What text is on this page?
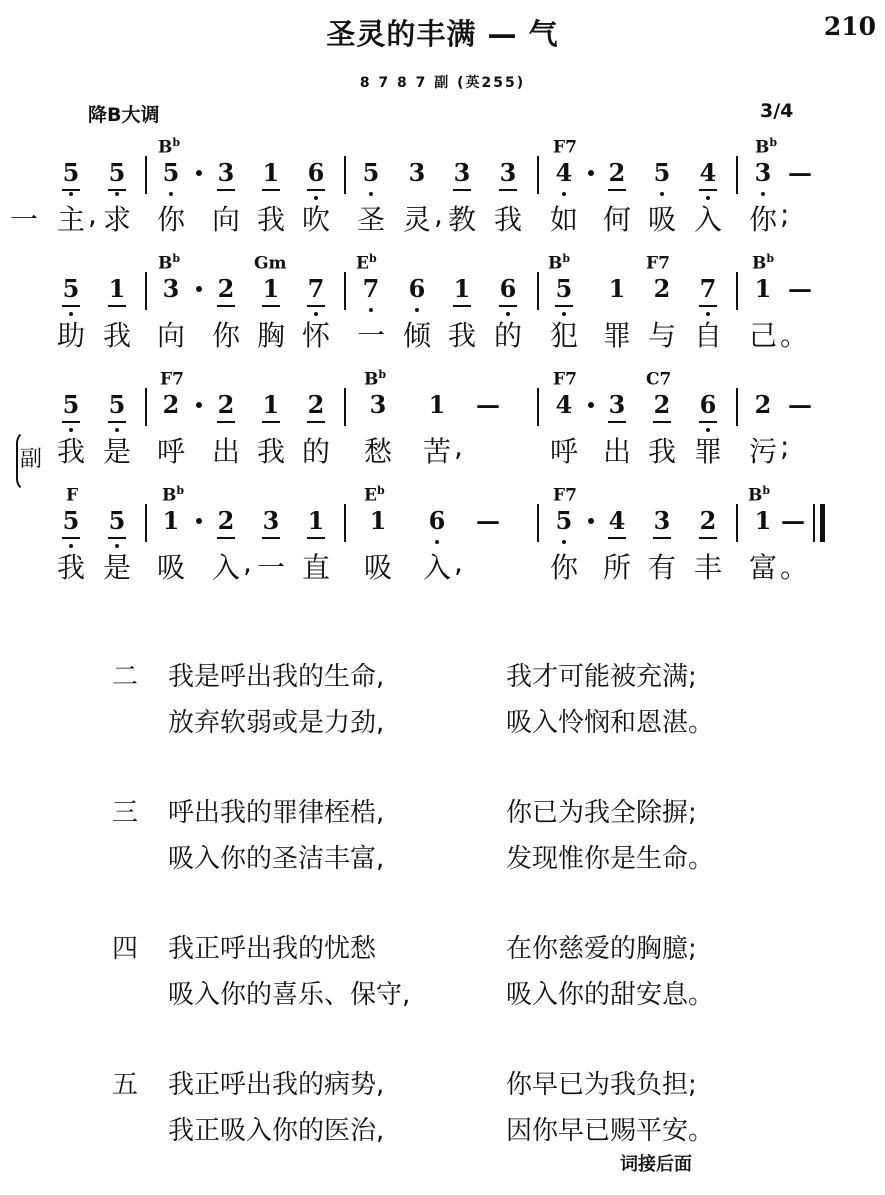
圣灵的丰满 — 气	210
8 7 8 7 副 (英255)
降B大调	3/4
$B^b$	F7	$B^b$
5 5 5 3 1 6 5 3 3 3 4 2 5 4 3 —
一 主 , 求 你 向 我 吹 圣 灵 , 教 我 如 何 吸 入 你 ;
$B^b$	Gm	$E^b$	$B^b$	F7	$B^b$
5 1 3 2 1 7 7 6 1 6 5 1 2 7 1 —
助 我 向 你 胸 怀 一 倾 我 的 犯 罪 与 自 己 。
F7	$B^b$	F7	C7
5 5 2 2 1 2 3 1 — 4 3 2 6 2 —
我 是 呼 出 我 的 愁 苦 ,	呼 出 我 罪 污 ;
副
F	$B^b$	$E^b$	F7	$B^b$
5 5 1 2 3 1 1 6 — 5 4 3 2 1 —
我 是 吸 入 , 一 直 吸 入 ,	你 所 有 丰 富 。
二 我是呼出我的生命,	我才可能被充满;
放弃软弱或是力劲,	吸入怜悯和恩湛。
三 呼出我的罪律桎梏,	你已为我全除摒;
吸入你的圣洁丰富,	发现惟你是生命。
四 我正呼出我的忧愁	在你慈爱的胸臆;
吸入你的喜乐、保守,	吸入你的甜安息。
五 我正呼出我的病势,	你早已为我负担;
我正吸入你的医治,	因你早已赐平安。
词接后面
